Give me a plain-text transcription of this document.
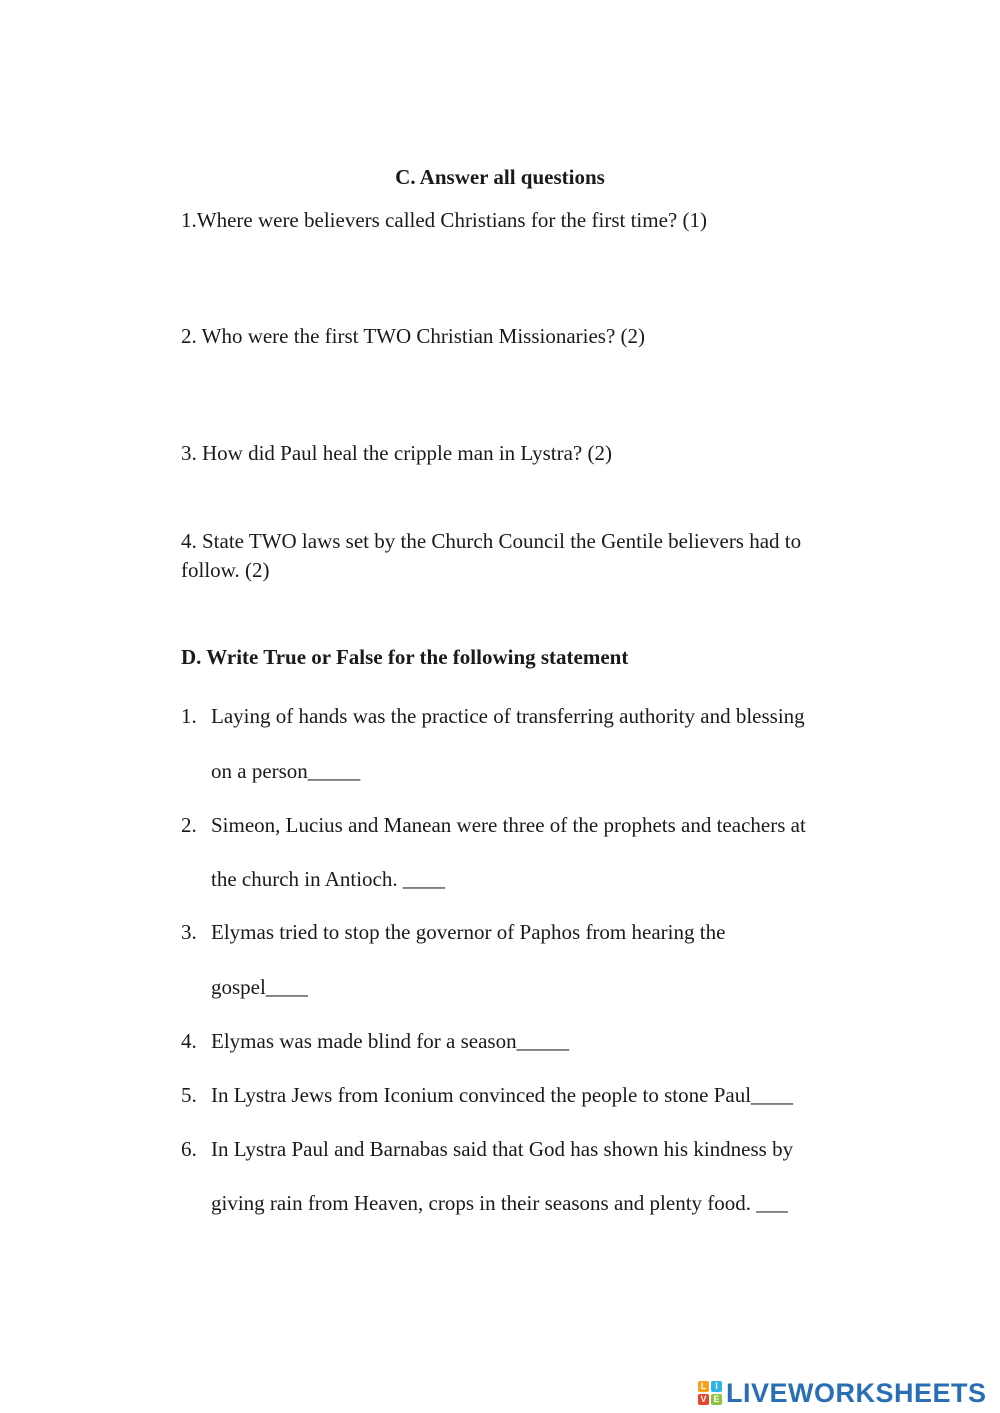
C. Answer all questions
1.Where were believers called Christians for the first time? (1)
2. Who were the first TWO Christian Missionaries? (2)
3. How did Paul heal the cripple man in Lystra? (2)
4. State TWO laws set by the Church Council the Gentile believers had to
follow. (2)
D. Write True or False for the following statement
1. Laying of hands was the practice of transferring authority and blessing
on a person_____
2. Simeon, Lucius and Manean were three of the prophets and teachers at
the church in Antioch. ____
3. Elymas tried to stop the governor of Paphos from hearing the
gospel____
4. Elymas was made blind for a season_____
5. In Lystra Jews from Iconium convinced the people to stone Paul____
6. In Lystra Paul and Barnabas said that God has shown his kindness by
giving rain from Heaven, crops in their seasons and plenty food. ___
L I
V E LIVEWORKSHEETS
